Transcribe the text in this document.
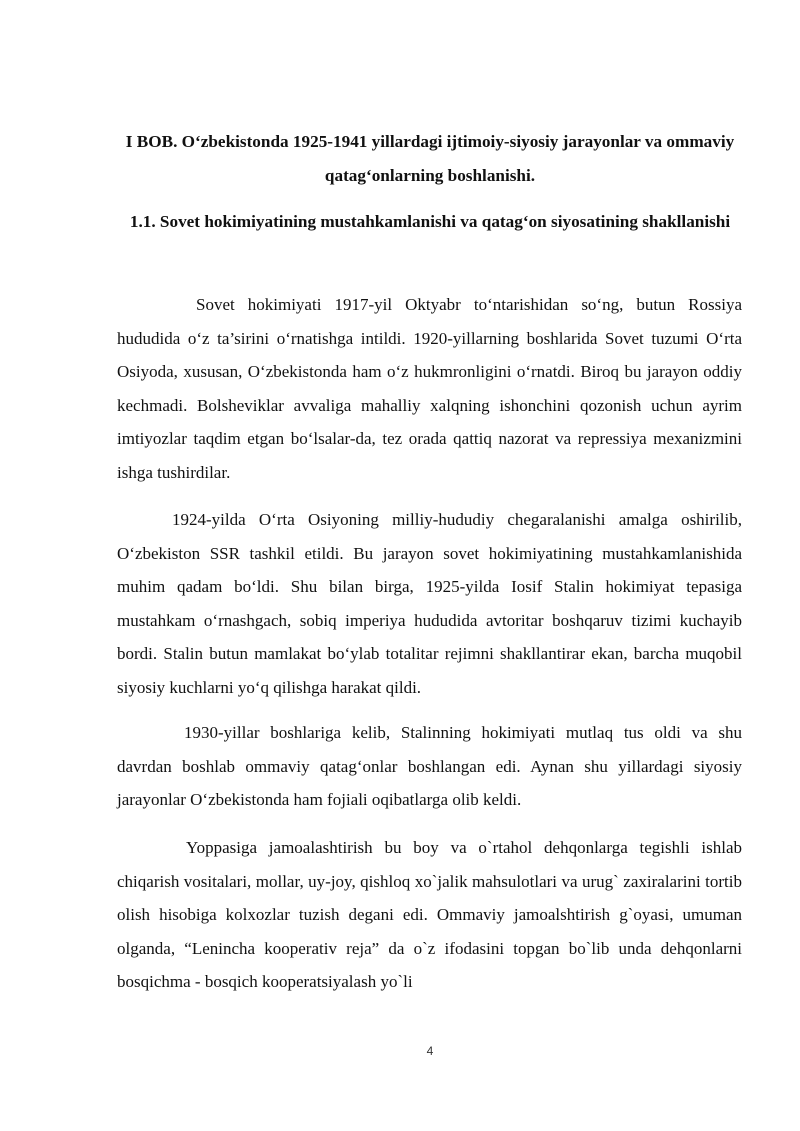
I BOB. O‘zbekistonda 1925-1941 yillardagi ijtimoiy-siyosiy jarayonlar va ommaviy qatag‘onlarning boshlanishi.
1.1. Sovet hokimiyatining mustahkamlanishi va qatag‘on siyosatining shakllanishi

Sovet hokimiyati 1917-yil Oktyabr to‘ntarishidan so‘ng, butun Rossiya hududida o‘z ta’sirini o‘rnatishga intildi. 1920-yillarning boshlarida Sovet tuzumi O‘rta Osiyoda, xususan, O‘zbekistonda ham o‘z hukmronligini o‘rnatdi. Biroq bu jarayon oddiy kechmadi. Bolsheviklar avvaliga mahalliy xalqning ishonchini qozonish uchun ayrim imtiyozlar taqdim etgan bo‘lsalar-da, tez orada qattiq nazorat va repressiya mexanizmini ishga tushirdilar.

1924-yilda O‘rta Osiyoning milliy-hududiy chegaralanishi amalga oshirilib, O‘zbekiston SSR tashkil etildi. Bu jarayon sovet hokimiyatining mustahkamlanishida muhim qadam bo‘ldi. Shu bilan birga, 1925-yilda Iosif Stalin hokimiyat tepasiga mustahkam o‘rnashgach, sobiq imperiya hududida avtoritar boshqaruv tizimi kuchayib bordi. Stalin butun mamlakat bo‘ylab totalitar rejimni shakllantirar ekan, barcha muqobil siyosiy kuchlarni yo‘q qilishga harakat qildi.

1930-yillar boshlariga kelib, Stalinning hokimiyati mutlaq tus oldi va shu davrdan boshlab ommaviy qatag‘onlar boshlangan edi. Aynan shu yillardagi siyosiy jarayonlar O‘zbekistonda ham fojiali oqibatlarga olib keldi.

Yoppasiga jamoalashtirish bu boy va o`rtahol dehqonlarga tegishli ishlab chiqarish vositalari, mollar, uy-joy, qishloq xo`jalik mahsulotlari va urug` zaxiralarini tortib olish hisobiga kolxozlar tuzish degani edi. Ommaviy jamoalshtirish g`oyasi, umuman olganda, “Lenincha kooperativ reja” da o`z ifodasini topgan bo`lib unda dehqonlarni bosqichma - bosqich kooperatsiyalash yo`li

4
